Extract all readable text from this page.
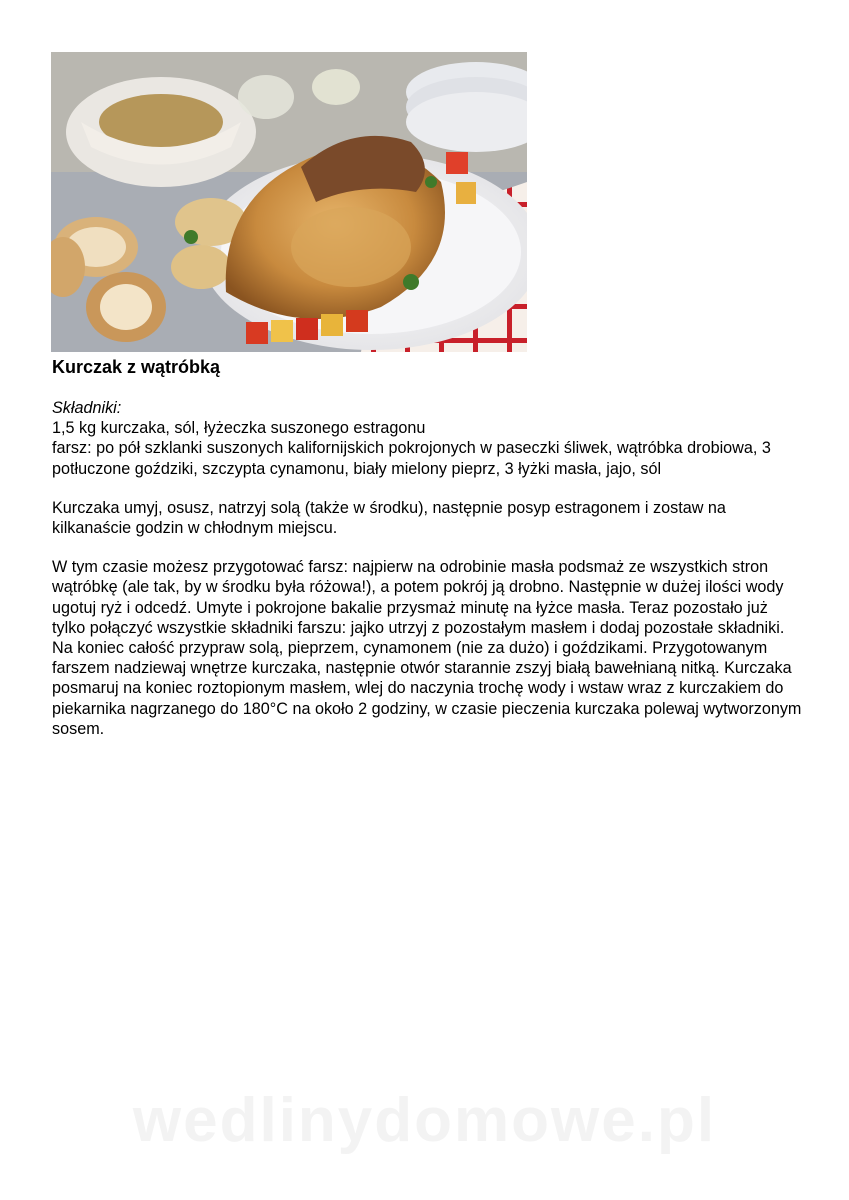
Kurczak z wątróbką

Składniki:

1,5 kg kurczaka, sól, łyżeczka suszonego estragonu

farsz: po pół szklanki suszonych kalifornijskich pokrojonych w paseczki śliwek, wątróbka drobiowa, 3 potłuczone goździki, szczypta cynamonu, biały mielony pieprz, 3 łyżki masła, jajo, sól

Kurczaka umyj, osusz, natrzyj solą (także w środku), następnie posyp estragonem i zostaw na kilkanaście godzin w chłodnym miejscu.

W tym czasie możesz przygotować farsz: najpierw na odrobinie masła podsmaż ze wszystkich stron wątróbkę (ale tak, by w środku była różowa!), a potem pokrój ją drobno. Następnie w dużej ilości wody ugotuj ryż i odcedź. Umyte i pokrojone bakalie przysmaż minutę na łyżce masła. Teraz pozostało już tylko połączyć wszystkie składniki farszu: jajko utrzyj z pozostałym masłem i dodaj pozostałe składniki. Na koniec całość przypraw solą, pieprzem, cynamonem (nie za dużo) i goździkami. Przygotowanym farszem nadziewaj wnętrze kurczaka, następnie otwór starannie zszyj białą bawełnianą nitką. Kurczaka posmaruj na koniec roztopionym masłem, wlej do naczynia trochę wody i wstaw wraz z kurczakiem do piekarnika nagrzanego do 180°C na około 2 godziny, w czasie pieczenia kurczaka polewaj wytworzonym sosem.

wedlinydomowe.pl
